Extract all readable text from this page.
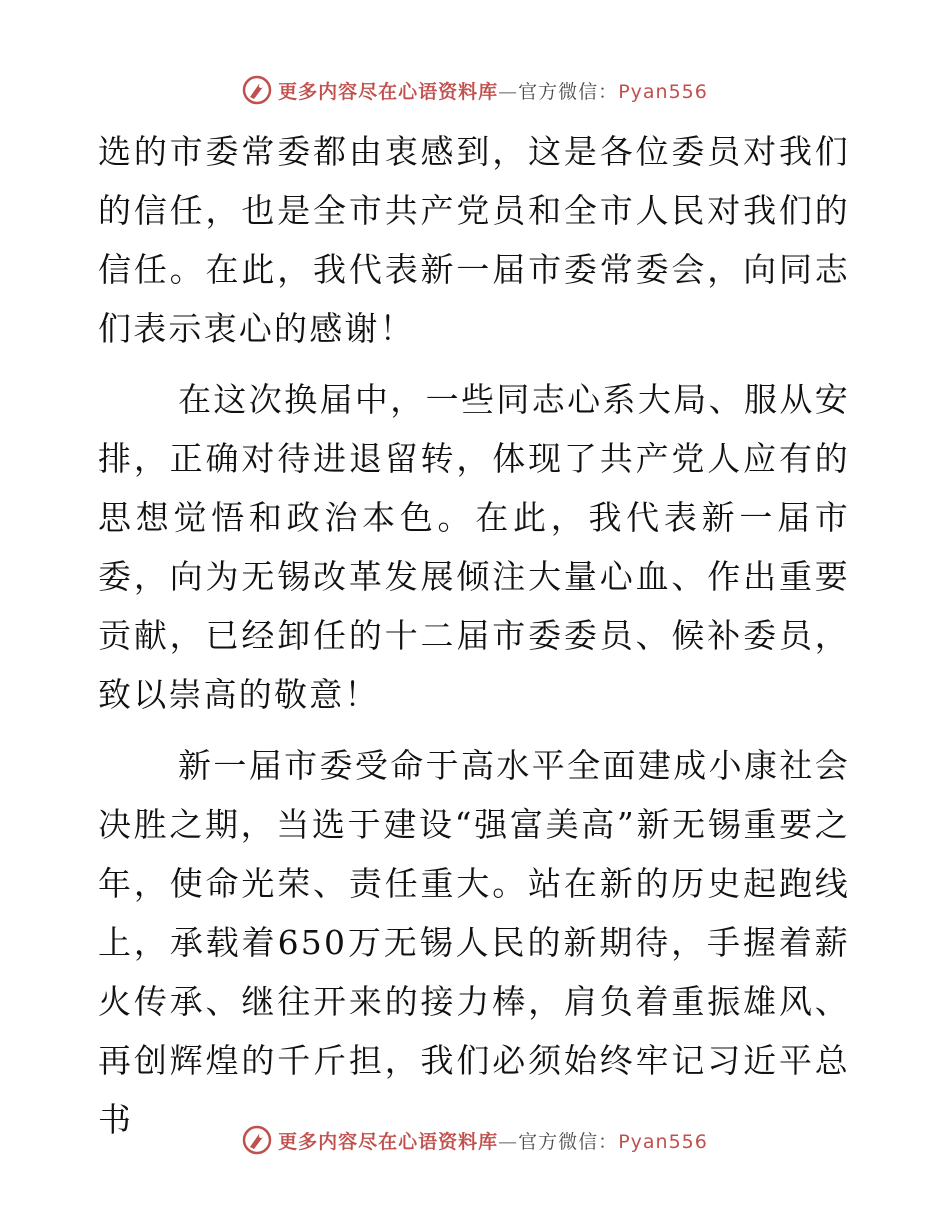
更多内容尽在心语资料库—官方微信：Pyan556

选的市委常委都由衷感到，这是各位委员对我们的信任，也是全市共产党员和全市人民对我们的信任。在此，我代表新一届市委常委会，向同志们表示衷心的感谢！

在这次换届中，一些同志心系大局、服从安排，正确对待进退留转，体现了共产党人应有的思想觉悟和政治本色。在此，我代表新一届市委，向为无锡改革发展倾注大量心血、作出重要贡献，已经卸任的十二届市委委员、候补委员，致以崇高的敬意！

新一届市委受命于高水平全面建成小康社会决胜之期，当选于建设“强富美高”新无锡重要之年，使命光荣、责任重大。站在新的历史起跑线上，承载着650万无锡人民的新期待，手握着薪火传承、继往开来的接力棒，肩负着重振雄风、再创辉煌的千斤担，我们必须始终牢记习近平总书

更多内容尽在心语资料库—官方微信：Pyan556
